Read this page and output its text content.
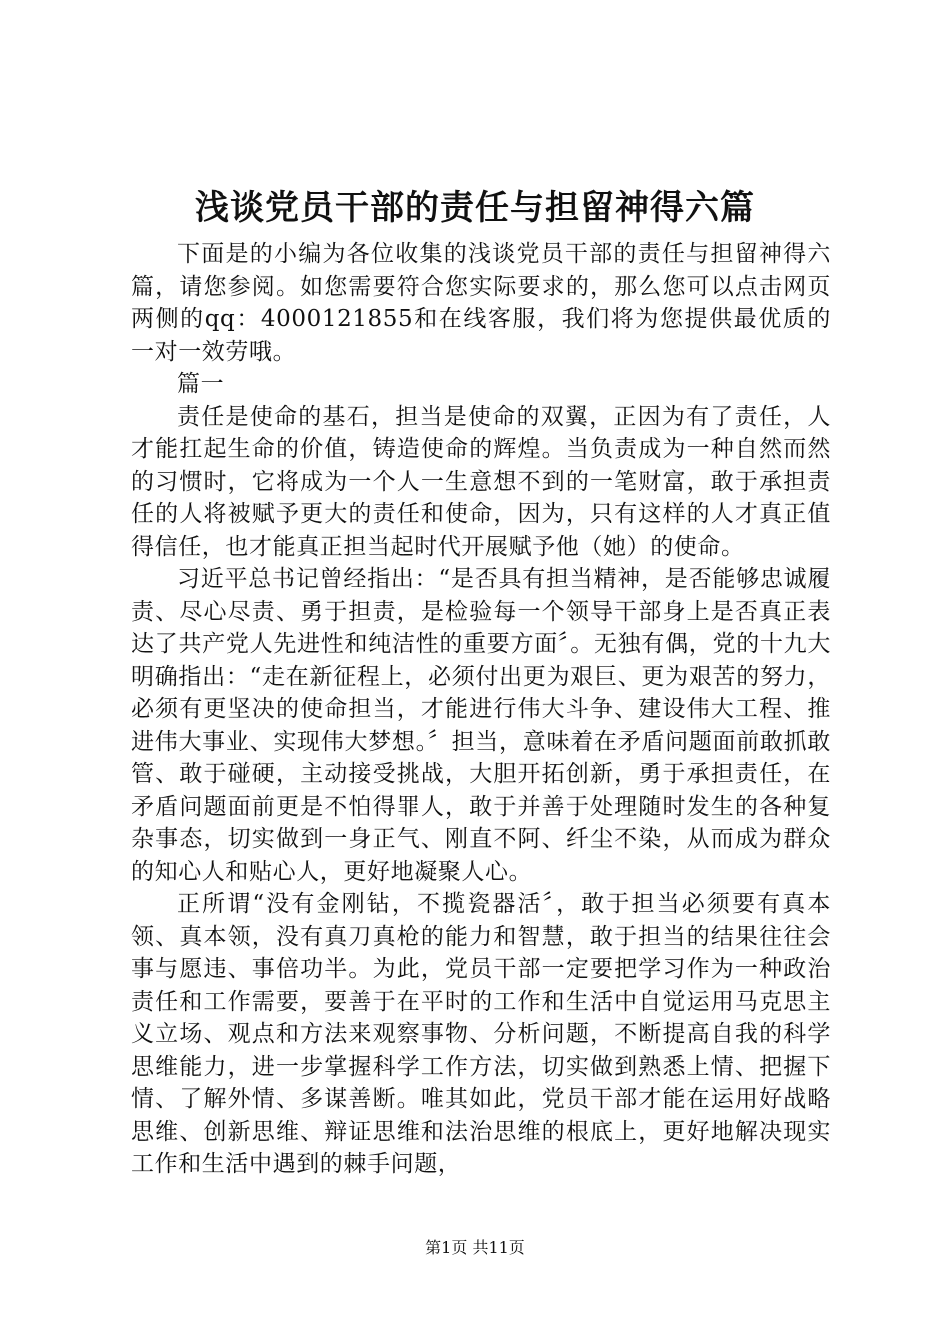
浅谈党员干部的责任与担留神得六篇

下面是的小编为各位收集的浅谈党员干部的责任与担留神得六篇，请您参阅。如您需要符合您实际要求的，那么您可以点击网页两侧的qq：4000121855和在线客服，我们将为您提供最优质的一对一效劳哦。

篇一

责任是使命的基石，担当是使命的双翼，正因为有了责任，人才能扛起生命的价值，铸造使命的辉煌。当负责成为一种自然而然的习惯时，它将成为一个人一生意想不到的一笔财富，敢于承担责任的人将被赋予更大的责任和使命，因为，只有这样的人才真正值得信任，也才能真正担当起时代开展赋予他（她）的使命。

习近平总书记曾经指出：“是否具有担当精神，是否能够忠诚履责、尽心尽责、勇于担责，是检验每一个领导干部身上是否真正表达了共产党人先进性和纯洁性的重要方面〞。无独有偶，党的十九大明确指出：“走在新征程上，必须付出更为艰巨、更为艰苦的努力，必须有更坚决的使命担当，才能进行伟大斗争、建设伟大工程、推进伟大事业、实现伟大梦想。〞担当，意味着在矛盾问题面前敢抓敢管、敢于碰硬，主动接受挑战，大胆开拓创新，勇于承担责任，在矛盾问题面前更是不怕得罪人，敢于并善于处理随时发生的各种复杂事态，切实做到一身正气、刚直不阿、纤尘不染，从而成为群众的知心人和贴心人，更好地凝聚人心。

正所谓“没有金刚钻，不揽瓷器活〞，敢于担当必须要有真本领、真本领，没有真刀真枪的能力和智慧，敢于担当的结果往往会事与愿违、事倍功半。为此，党员干部一定要把学习作为一种政治责任和工作需要，要善于在平时的工作和生活中自觉运用马克思主义立场、观点和方法来观察事物、分析问题，不断提高自我的科学思维能力，进一步掌握科学工作方法，切实做到熟悉上情、把握下情、了解外情、多谋善断。唯其如此，党员干部才能在运用好战略思维、创新思维、辩证思维和法治思维的根底上，更好地解决现实工作和生活中遇到的棘手问题，

第1页 共11页
